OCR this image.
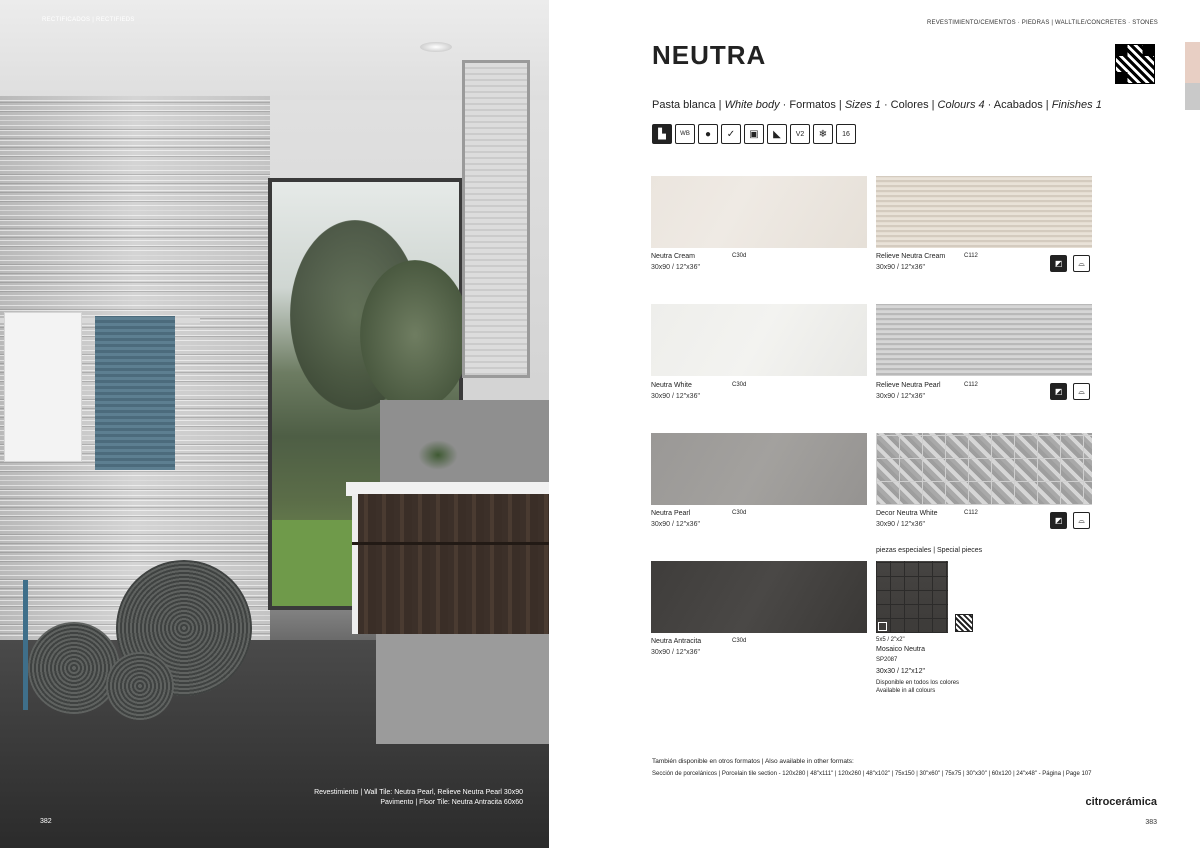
RECTIFICADOS | RECTIFIEDS
Revestimiento | Wall Tile: Neutra Pearl, Relieve Neutra Pearl 30x90
Pavimento | Floor Tile: Neutra Antracita 60x60
382
REVESTIMIENTO/CEMENTOS · PIEDRAS | WALLTILE/CONCRETES · STONES
NEUTRA
Pasta blanca | White body · Formatos | Sizes 1 · Colores | Colours 4 · Acabados | Finishes 1
▙	WB	●	✓	▣	◣	V2	❄	16
Neutra Cream	C30d
30x90 / 12"x36"
Relieve Neutra Cream	C112
30x90 / 12"x36"	◩	⌓
Neutra White	C30d
30x90 / 12"x36"
Relieve Neutra Pearl	C112
30x90 / 12"x36"
◩	⌓
Neutra Pearl	C30d
30x90 / 12"x36"
Decor Neutra White	C112
30x90 / 12"x36"	◩	⌓
Neutra Antracita	C30d
30x90 / 12"x36"
piezas especiales | Special pieces
5x5 / 2"x2"
Mosaico Neutra
SP2087
30x30 / 12"x12"
Disponible en todos los colores
Available in all colours
También disponible en otros formatos | Also available in other formats:
Sección de porcelánicos | Porcelain tile section - 120x280 | 48"x111" | 120x260 | 48"x102" | 75x150 | 30"x60" | 75x75 | 30"x30" | 60x120 | 24"x48" - Página | Page 107
citrocerámica
383
